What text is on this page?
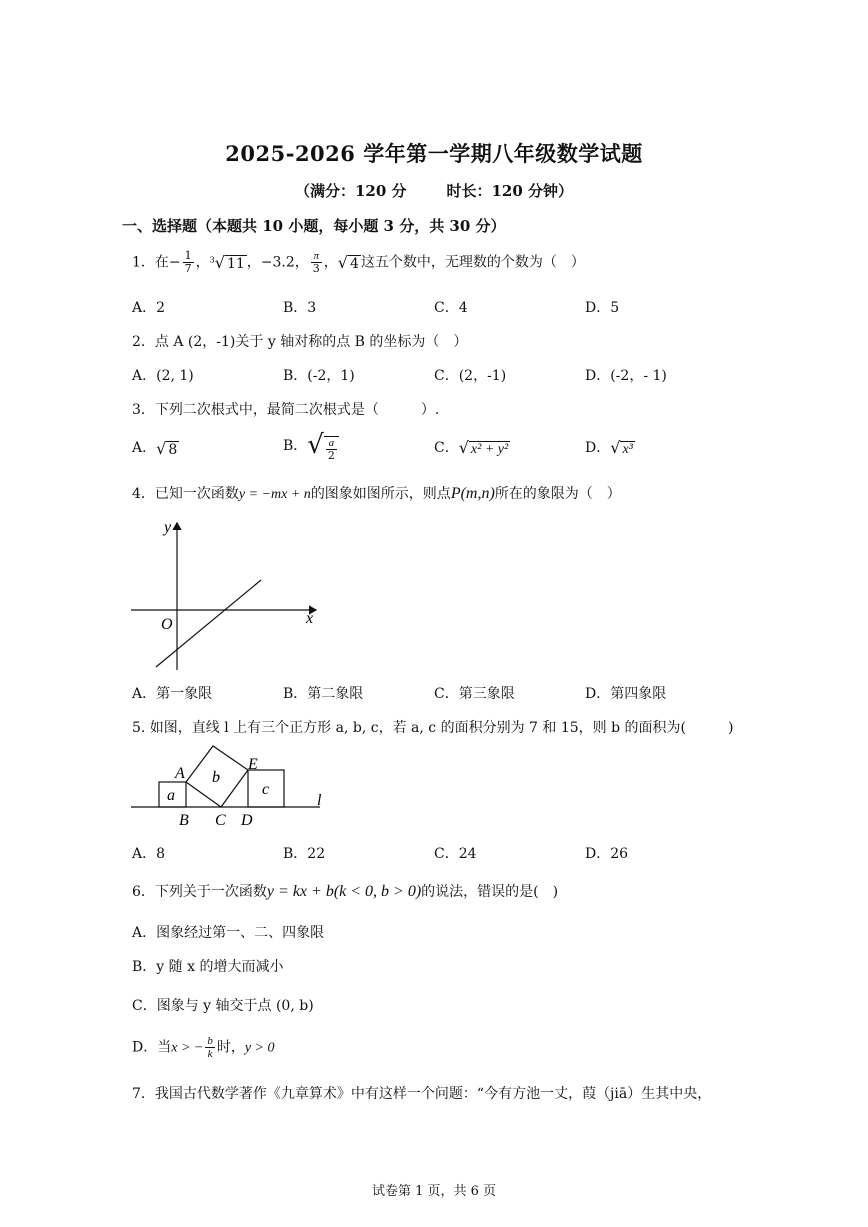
2025-2026 学年第一学期八年级数学试题
（满分：120 分	时长：120 分钟）
一、选择题（本题共 10 小题，每小题 3 分，共 30 分）
1．在− $\frac{1}{7}$ ，$^3$√ 11 ，−3.2， $\frac{\pi}{3}$ ，√ 4 这五个数中，无理数的个数为（　）
A．2	B．3	C．4	D．5
2．点 A (2，-1)关于 y 轴对称的点 B 的坐标为（　）
A．(2, 1)	B．(-2，1)	C．(2，-1)	D．(-2，- 1)
3．下列二次根式中，最简二次根式是（　　　）.
A．√ 8	B．√ $\frac{a}{2}$	C．√ x² + y²	D．√ x³
4．已知一次函数y = −mx + n的图象如图所示，则点P(m,n)所在的象限为（　）
y
x
O
A．第一象限	B．第二象限	C．第三象限	D．第四象限
5. 如图，直线 l 上有三个正方形 a, b, c，若 a, c 的面积分别为 7 和 15，则 b 的面积为(　　　)
a
b
c
A
E
B C D
l
A．8	B．22	C．24	D．26
6．下列关于一次函数y = kx + b(k < 0, b > 0)的说法，错误的是(　)
A．图象经过第一、二、四象限
B．y 随 x 的增大而减小
C．图象与 y 轴交于点 (0, b)
D．当x > − $\frac{b}{k}$ 时，y > 0
7．我国古代数学著作《九章算术》中有这样一个问题：“今有方池一丈，葭（jiā）生其中央，
试卷第 1 页，共 6 页
